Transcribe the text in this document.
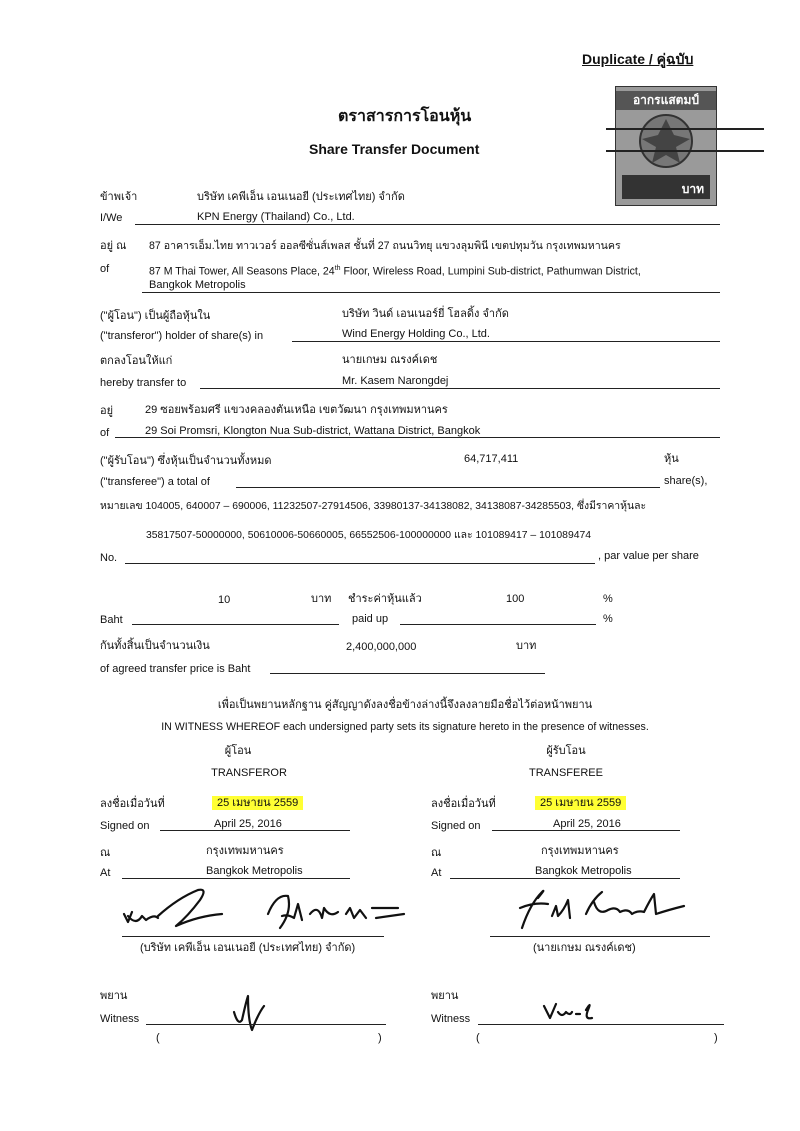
Duplicate / คู่ฉบับ
อากรแสตมป์
บาท
ตราสารการโอนหุ้น
Share Transfer Document
ข้าพเจ้า	บริษัท เคพีเอ็น เอนเนอยี (ประเทศไทย) จำกัด
I/We	KPN Energy (Thailand) Co., Ltd.
อยู่ ณ 87 อาคารเอ็ม.ไทย ทาวเวอร์ ออลซีซั่นส์เพลส ชั้นที่ 27 ถนนวิทยุ แขวงลุมพินี เขตปทุมวัน กรุงเทพมหานคร
of	87 M Thai Tower, All Seasons Place, 24th Floor, Wireless Road, Lumpini Sub-district, Pathumwan District,
Bangkok Metropolis
("ผู้โอน") เป็นผู้ถือหุ้นใน	บริษัท วินด์ เอนเนอร์ยี่ โฮลดิ้ง จำกัด
("transferor") holder of share(s) in	Wind Energy Holding Co., Ltd.
ตกลงโอนให้แก่	นายเกษม ณรงค์เดช
hereby transfer to	Mr. Kasem Narongdej
อยู่	29 ซอยพร้อมศรี แขวงคลองตันเหนือ เขตวัฒนา กรุงเทพมหานคร
of	29 Soi Promsri, Klongton Nua Sub-district, Wattana District, Bangkok
("ผู้รับโอน") ซึ่งหุ้นเป็นจำนวนทั้งหมด	64,717,411	หุ้น
("transferee") a total of	share(s),
หมายเลข 104005, 640007 – 690006, 11232507-27914506, 33980137-34138082, 34138087-34285503, ซึ่งมีราคาหุ้นละ
35817507-50000000, 50610006-50660005, 66552506-100000000 และ 101089417 – 101089474
No.	, par value per share
10	บาท ชำระค่าหุ้นแล้ว	100	%
Baht	paid up	%
กันทั้งสิ้นเป็นจำนวนเงิน	2,400,000,000	บาท
of agreed transfer price is Baht
เพื่อเป็นพยานหลักฐาน คู่สัญญาดังลงชื่อข้างล่างนี้จึงลงลายมือชื่อไว้ต่อหน้าพยาน
IN WITNESS WHEREOF each undersigned party sets its signature hereto in the presence of witnesses.
ผู้โอน
TRANSFEROR
ผู้รับโอน
TRANSFEREE
ลงชื่อเมื่อวันที่	25 เมษายน 2559
Signed on	April 25, 2016
ณ	กรุงเทพมหานคร
At	Bangkok Metropolis
(บริษัท เคพีเอ็น เอนเนอยี (ประเทศไทย) จำกัด)
ลงชื่อเมื่อวันที่	25 เมษายน 2559
Signed on	April 25, 2016
ณ	กรุงเทพมหานคร
At	Bangkok Metropolis
(นายเกษม ณรงค์เดช)
พยาน
Witness
(	)
พยาน
Witness
(	)
